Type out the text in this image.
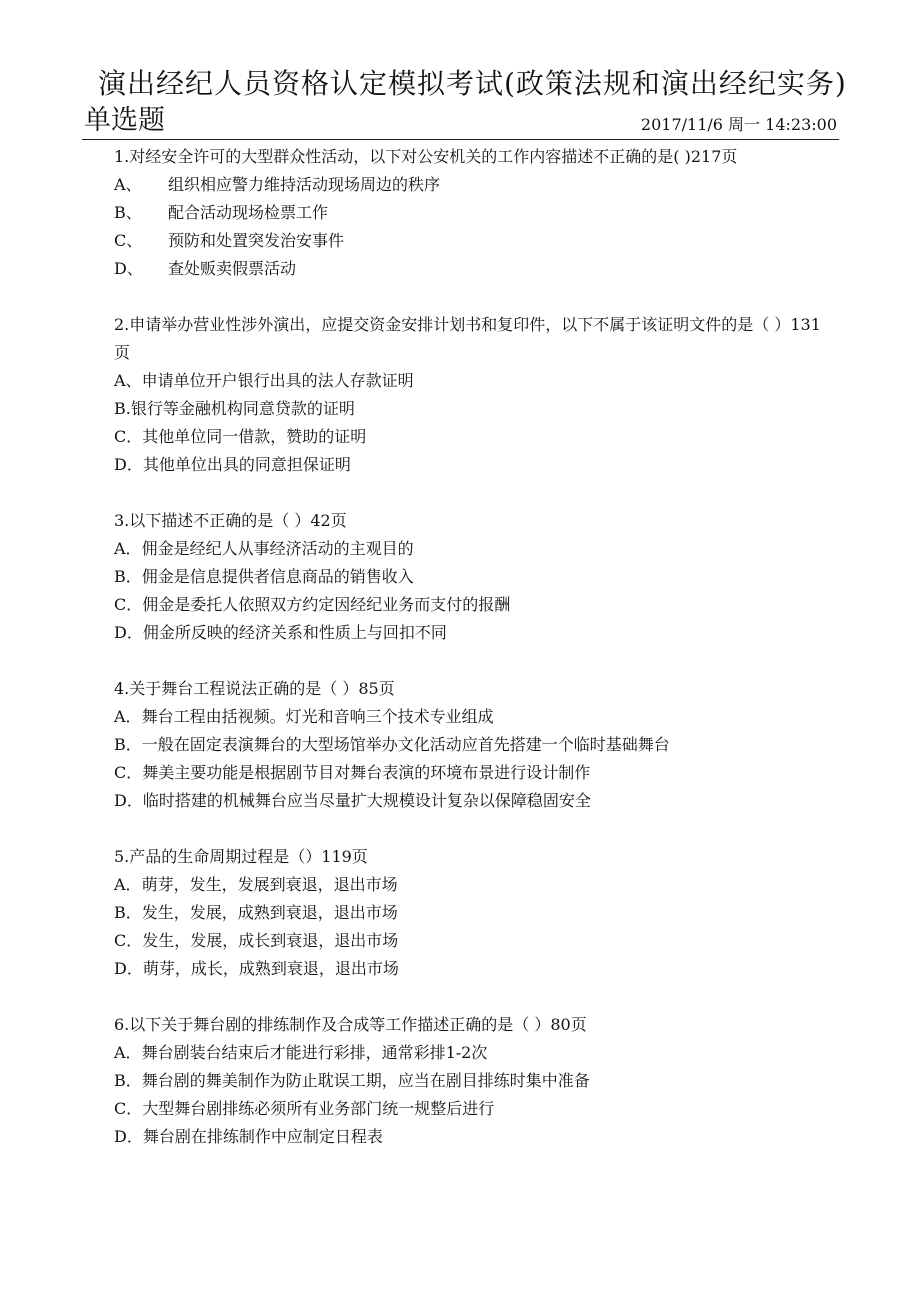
演出经纪人员资格认定模拟考试(政策法规和演出经纪实务)
单选题	2017/11/6 周一 14:23:00

1.对经安全许可的大型群众性活动，以下对公安机关的工作内容描述不正确的是( )217页

A、 组织相应警力维持活动现场周边的秩序

B、 配合活动现场检票工作

C、 预防和处置突发治安事件

D、 查处贩卖假票活动

2.申请举办营业性涉外演出，应提交资金安排计划书和复印件，以下不属于该证明文件的是（ ）131页

A、申请单位开户银行出具的法人存款证明

B.银行等金融机构同意贷款的证明

C．其他单位同一借款，赞助的证明

D．其他单位出具的同意担保证明

3.以下描述不正确的是（ ）42页

A．佣金是经纪人从事经济活动的主观目的

B．佣金是信息提供者信息商品的销售收入

C．佣金是委托人依照双方约定因经纪业务而支付的报酬

D．佣金所反映的经济关系和性质上与回扣不同

4.关于舞台工程说法正确的是（ ）85页

A．舞台工程由括视频。灯光和音响三个技术专业组成

B．一般在固定表演舞台的大型场馆举办文化活动应首先搭建一个临时基础舞台

C．舞美主要功能是根据剧节目对舞台表演的环境布景进行设计制作

D．临时搭建的机械舞台应当尽量扩大规模设计复杂以保障稳固安全

5.产品的生命周期过程是（）119页

A．萌芽，发生，发展到衰退，退出市场

B．发生，发展，成熟到衰退，退出市场

C．发生，发展，成长到衰退，退出市场

D．萌芽，成长，成熟到衰退，退出市场

6.以下关于舞台剧的排练制作及合成等工作描述正确的是（ ）80页

A．舞台剧装台结束后才能进行彩排，通常彩排1-2次

B．舞台剧的舞美制作为防止耽误工期，应当在剧目排练时集中准备

C．大型舞台剧排练必须所有业务部门统一规整后进行

D．舞台剧在排练制作中应制定日程表
